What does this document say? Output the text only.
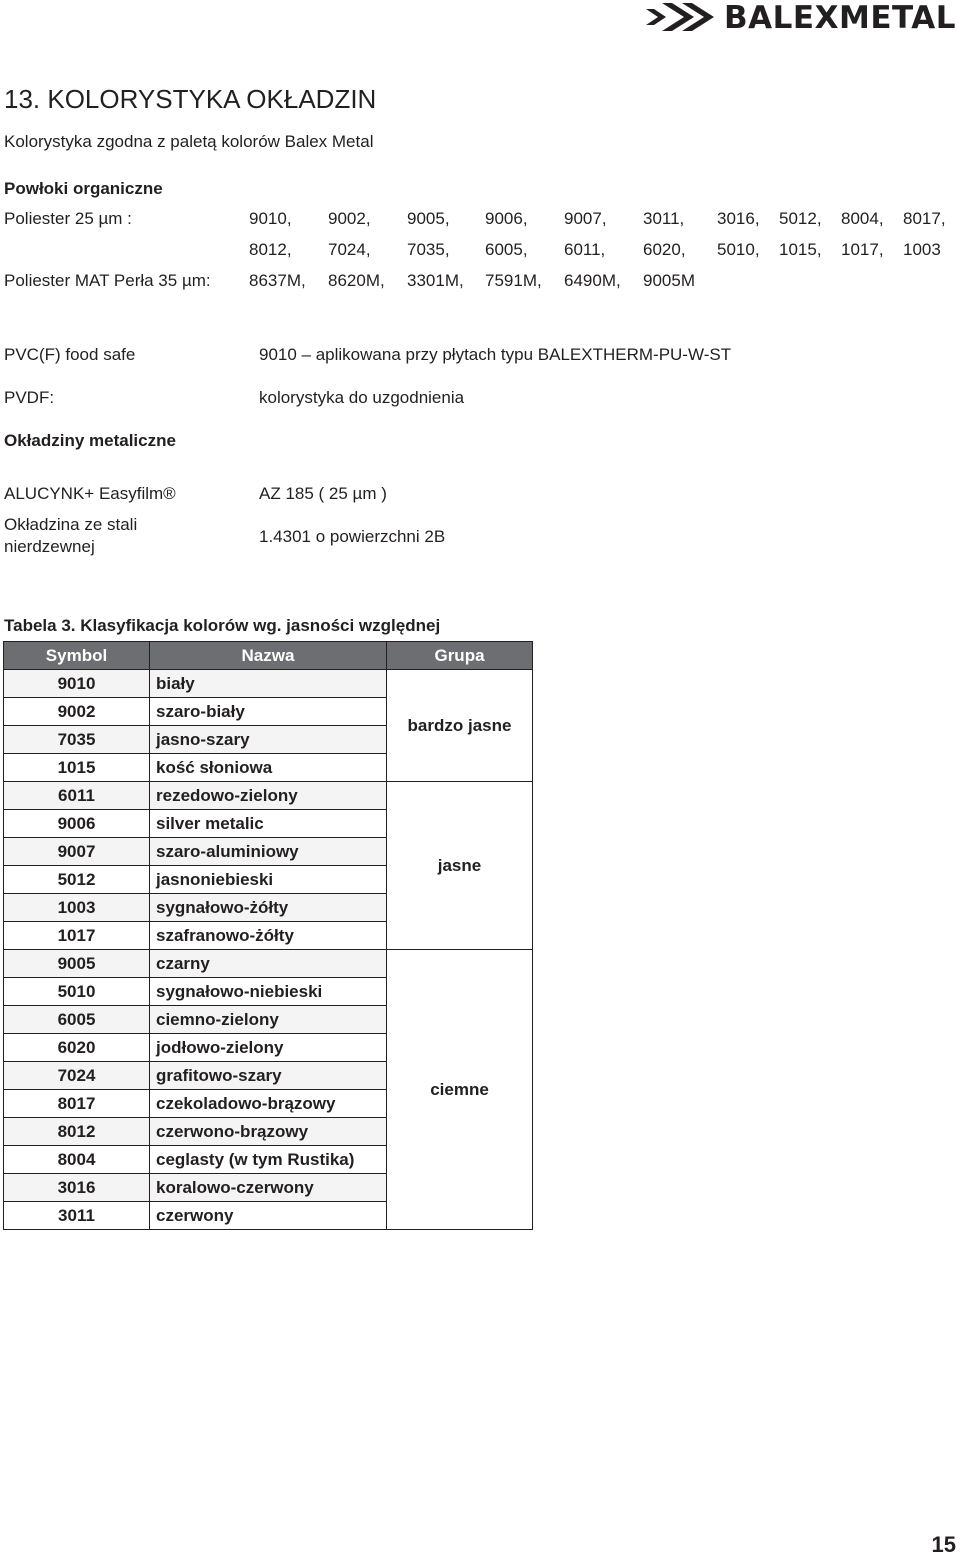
BALEXMETAL
13. KOLORYSTYKA OKŁADZIN
Kolorystyka zgodna z paletą kolorów Balex Metal
Powłoki organiczne
Poliester 25 µm :	9010, 9002, 9005, 9006, 9007, 3011, 3016, 5012, 8004, 8017,
8012, 7024, 7035, 6005, 6011, 6020, 5010, 1015, 1017, 1003
Poliester MAT Perła 35 µm: 8637M, 8620M, 3301M, 7591M, 6490M, 9005M
PVC(F) food safe	9010 – aplikowana przy płytach typu BALEXTHERM-PU-W-ST
PVDF:	kolorystyka do uzgodnienia
Okładziny metaliczne
ALUCYNK+ Easyfilm®	AZ 185 ( 25 µm )
Okładzina ze stali
nierdzewnej
1.4301 o powierzchni 2B
Tabela 3. Klasyfikacja kolorów wg. jasności względnej
Symbol	Nazwa	Grupa
9010	biały	bardzo jasne
9002	szaro-biały	
7035	jasno-szary	
1015	kość słoniowa	
6011	rezedowo-zielony	jasne
9006	silver metalic	
9007	szaro-aluminiowy	
5012	jasnoniebieski	
1003	sygnałowo-żółty	
1017	szafranowo-żółty	
9005	czarny	ciemne
5010	sygnałowo-niebieski	
6005	ciemno-zielony	
6020	jodłowo-zielony	
7024	grafitowo-szary	
8017	czekoladowo-brązowy	
8012	czerwono-brązowy	
8004	ceglasty (w tym Rustika)	
3016	koralowo-czerwony	
3011	czerwony	
15
